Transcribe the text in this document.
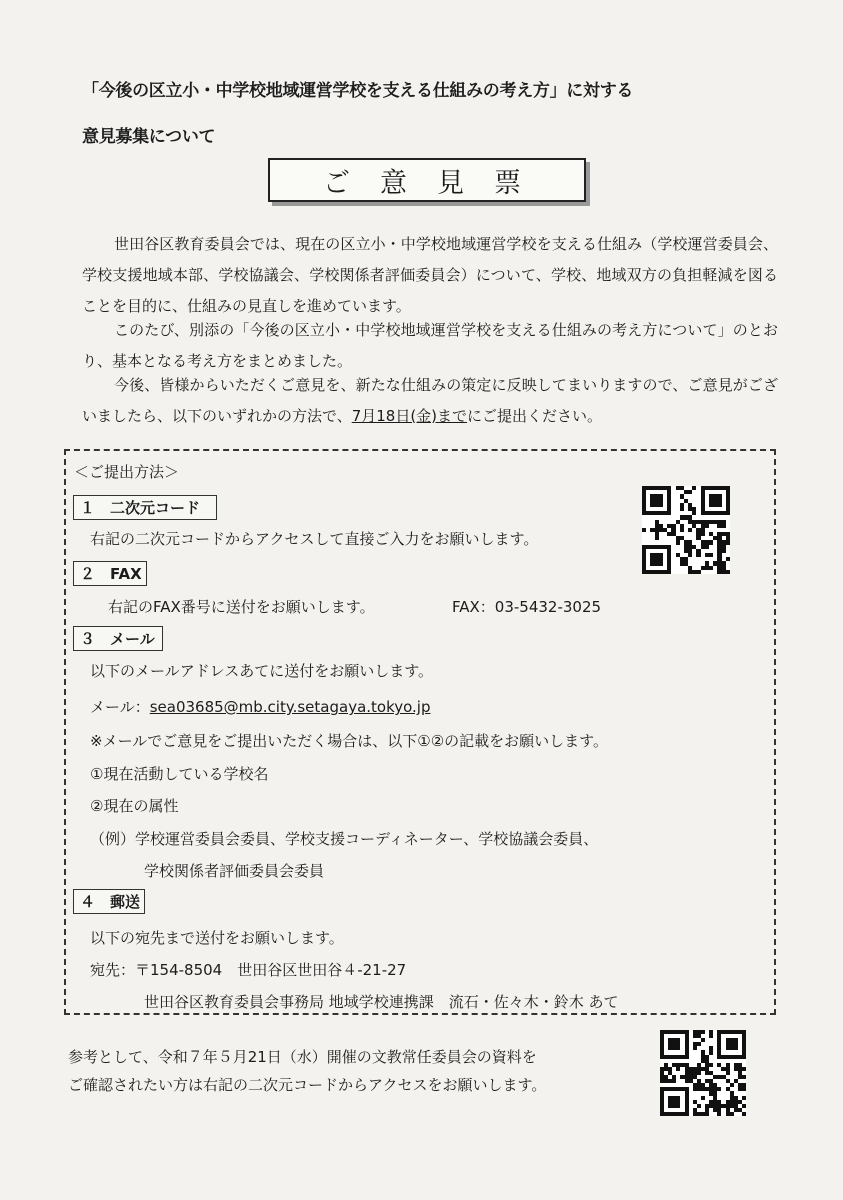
「今後の区立小・中学校地域運営学校を支える仕組みの考え方」に対する
意見募集について
ご意見票
世田谷区教育委員会では、現在の区立小・中学校地域運営学校を支える仕組み（学校運営委員会、学校支援地域本部、学校協議会、学校関係者評価委員会）について、学校、地域双方の負担軽減を図ることを目的に、仕組みの見直しを進めています。
このたび、別添の「今後の区立小・中学校地域運営学校を支える仕組みの考え方について」のとおり、基本となる考え方をまとめました。
今後、皆様からいただくご意見を、新たな仕組みの策定に反映してまいりますので、ご意見がございましたら、以下のいずれかの方法で、7月18日(金)までにご提出ください。
＜ご提出方法＞
１　二次元コード
右記の二次元コードからアクセスして直接ご入力をお願いします。
２　FAX
右記のFAX番号に送付をお願いします。	FAX：03-5432-3025
３　メール
以下のメールアドレスあてに送付をお願いします。
メール：sea03685@mb.city.setagaya.tokyo.jp
※メールでご意見をご提出いただく場合は、以下①②の記載をお願いします。
①現在活動している学校名
②現在の属性
（例）学校運営委員会委員、学校支援コーディネーター、学校協議会委員、
学校関係者評価委員会委員
４　郵送
以下の宛先まで送付をお願いします。
宛先：〒154-8504　世田谷区世田谷４-21-27
世田谷区教育委員会事務局 地域学校連携課　流石・佐々木・鈴木 あて
参考として、令和７年５月21日（水）開催の文教常任委員会の資料を
ご確認されたい方は右記の二次元コードからアクセスをお願いします。
